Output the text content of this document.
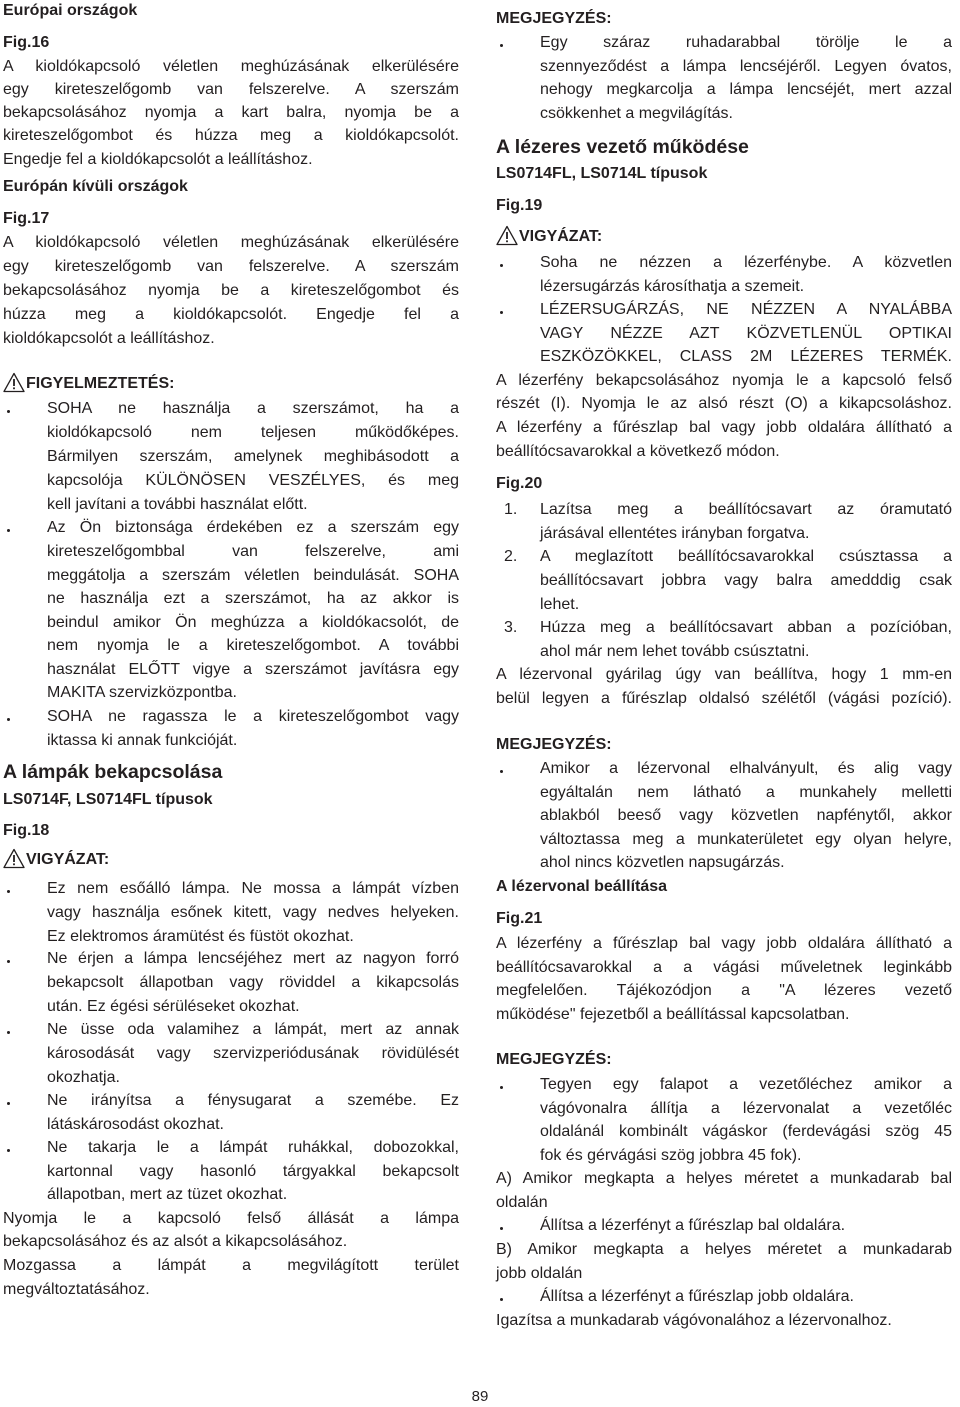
Európai országok
Fig.16
A kioldókapcsoló véletlen meghúzásának elkerülésére
egy kireteszelőgomb van felszerelve. A szerszám
bekapcsolásához nyomja a kart balra, nyomja be a
kireteszelőgombot és húzza meg a kioldókapcsolót.
Engedje fel a kioldókapcsolót a leállításhoz.
Európán kívüli országok
Fig.17
A kioldókapcsoló véletlen meghúzásának elkerülésére
egy kireteszelőgomb van felszerelve. A szerszám
bekapcsolásához nyomja be a kireteszelőgombot és
húzza meg a kioldókapcsolót. Engedje fel a
kioldókapcsolót a leállításhoz.
FIGYELMEZTETÉS:
SOHA ne használja a szerszámot, ha a
kioldókapcsoló nem teljesen működőképes.
Bármilyen szerszám, amelynek meghibásodott a
kapcsolója KÜLÖNÖSEN VESZÉLYES, és meg
kell javítani a további használat előtt.
Az Ön biztonsága érdekében ez a szerszám egy
kireteszelőgombbal van felszerelve, ami
meggátolja a szerszám véletlen beindulását. SOHA
ne használja ezt a szerszámot, ha az akkor is
beindul amikor Ön meghúzza a kioldókacsolót, de
nem nyomja le a kireteszelőgombot. A további
használat ELŐTT vigye a szerszámot javításra egy
MAKITA szervizközpontba.
SOHA ne ragassza le a kireteszelőgombot vagy
iktassa ki annak funkcióját.
A lámpák bekapcsolása
LS0714F, LS0714FL típusok
Fig.18
VIGYÁZAT:
Ez nem esőálló lámpa. Ne mossa a lámpát vízben
vagy használja esőnek kitett, vagy nedves helyeken.
Ez elektromos áramütést és füstöt okozhat.
Ne érjen a lámpa lencséjéhez mert az nagyon forró
bekapcsolt állapotban vagy röviddel a kikapcsolás
után. Ez égési sérüléseket okozhat.
Ne üsse oda valamihez a lámpát, mert az annak
károsodását vagy szervizperiódusának rövidülését
okozhatja.
Ne irányítsa a fénysugarat a szemébe. Ez
látáskárosodást okozhat.
Ne takarja le a lámpát ruhákkal, dobozokkal,
kartonnal vagy hasonló tárgyakkal bekapcsolt
állapotban, mert az tüzet okozhat.
Nyomja le a kapcsoló felső állását a lámpa
bekapcsolásához és az alsót a kikapcsolásához.
Mozgassa a lámpát a megvilágított terület
megváltoztatásához.
MEGJEGYZÉS:
Egy száraz ruhadarabbal törölje le a
szennyeződést a lámpa lencséjéről. Legyen óvatos,
nehogy megkarcolja a lámpa lencséjét, mert azzal
csökkenhet a megvilágítás.
A lézeres vezető működése
LS0714FL, LS0714L típusok
Fig.19
VIGYÁZAT:
Soha ne nézzen a lézerfénybe. A közvetlen
lézersugárzás károsíthatja a szemeit.
LÉZERSUGÁRZÁS, NE NÉZZEN A NYALÁBBA
VAGY NÉZZE AZT KÖZVETLENÜL OPTIKAI
ESZKÖZÖKKEL, CLASS 2M LÉZERES TERMÉK.
A lézerfény bekapcsolásához nyomja le a kapcsoló felső
részét (I). Nyomja le az alsó részt (O) a kikapcsoláshoz.
A lézerfény a fűrészlap bal vagy jobb oldalára állítható a
beállítócsavarokkal a következő módon.
Fig.20
1. Lazítsa meg a beállítócsavart az óramutató
járásával ellentétes irányban forgatva.
2. A meglazított beállítócsavarokkal csúsztassa a
beállítócsavart jobbra vagy balra amedddig csak
lehet.
3. Húzza meg a beállítócsavart abban a pozícióban,
ahol már nem lehet tovább csúsztatni.
A lézervonal gyárilag úgy van beállítva, hogy 1 mm-en
belül legyen a fűrészlap oldalsó szélétől (vágási pozíció).
MEGJEGYZÉS:
Amikor a lézervonal elhalványult, és alig vagy
egyáltalán nem látható a munkahely melletti
ablakból beeső vagy közvetlen napfénytől, akkor
változtassa meg a munkaterületet egy olyan helyre,
ahol nincs közvetlen napsugárzás.
A lézervonal beállítása
Fig.21
A lézerfény a fűrészlap bal vagy jobb oldalára állítható a
beállítócsavarokkal a a vágási műveletnek leginkább
megfelelően. Tájékozódjon a "A lézeres vezető
működése" fejezetből a beállítással kapcsolatban.
MEGJEGYZÉS:
Tegyen egy falapot a vezetőléchez amikor a
vágóvonalra állítja a lézervonalat a vezetőléc
oldalánál kombinált vágáskor (ferdevágási szög 45
fok és gérvágási szög jobbra 45 fok).
A) Amikor megkapta a helyes méretet a munkadarab bal
oldalán
Állítsa a lézerfényt a fűrészlap bal oldalára.
B) Amikor megkapta a helyes méretet a munkadarab
jobb oldalán
Állítsa a lézerfényt a fűrészlap jobb oldalára.
Igazítsa a munkadarab vágóvonalához a lézervonalhoz.
89
